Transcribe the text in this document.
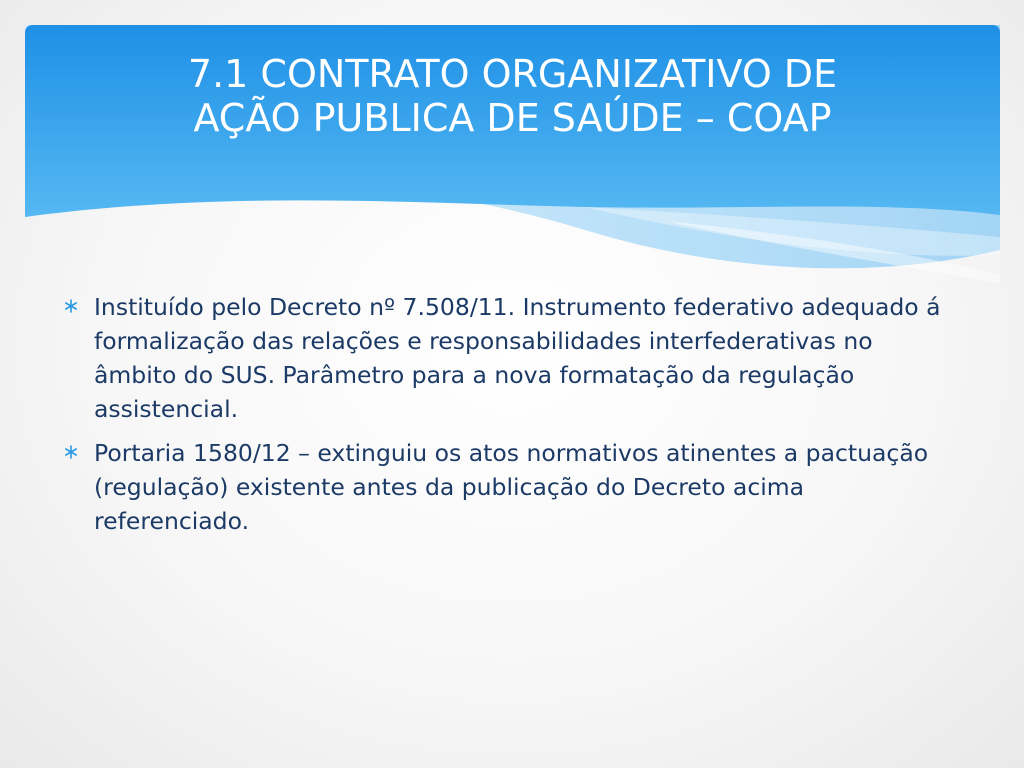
7.1 CONTRATO ORGANIZATIVO DE
AÇÃO PUBLICA DE SAÚDE – COAP
Instituído pelo Decreto nº 7.508/11. Instrumento federativo adequado á formalização das relações e responsabilidades interfederativas no âmbito do SUS. Parâmetro para a nova formatação da regulação assistencial.
Portaria 1580/12 – extinguiu os atos normativos atinentes a pactuação (regulação) existente antes da publicação do Decreto acima referenciado.
